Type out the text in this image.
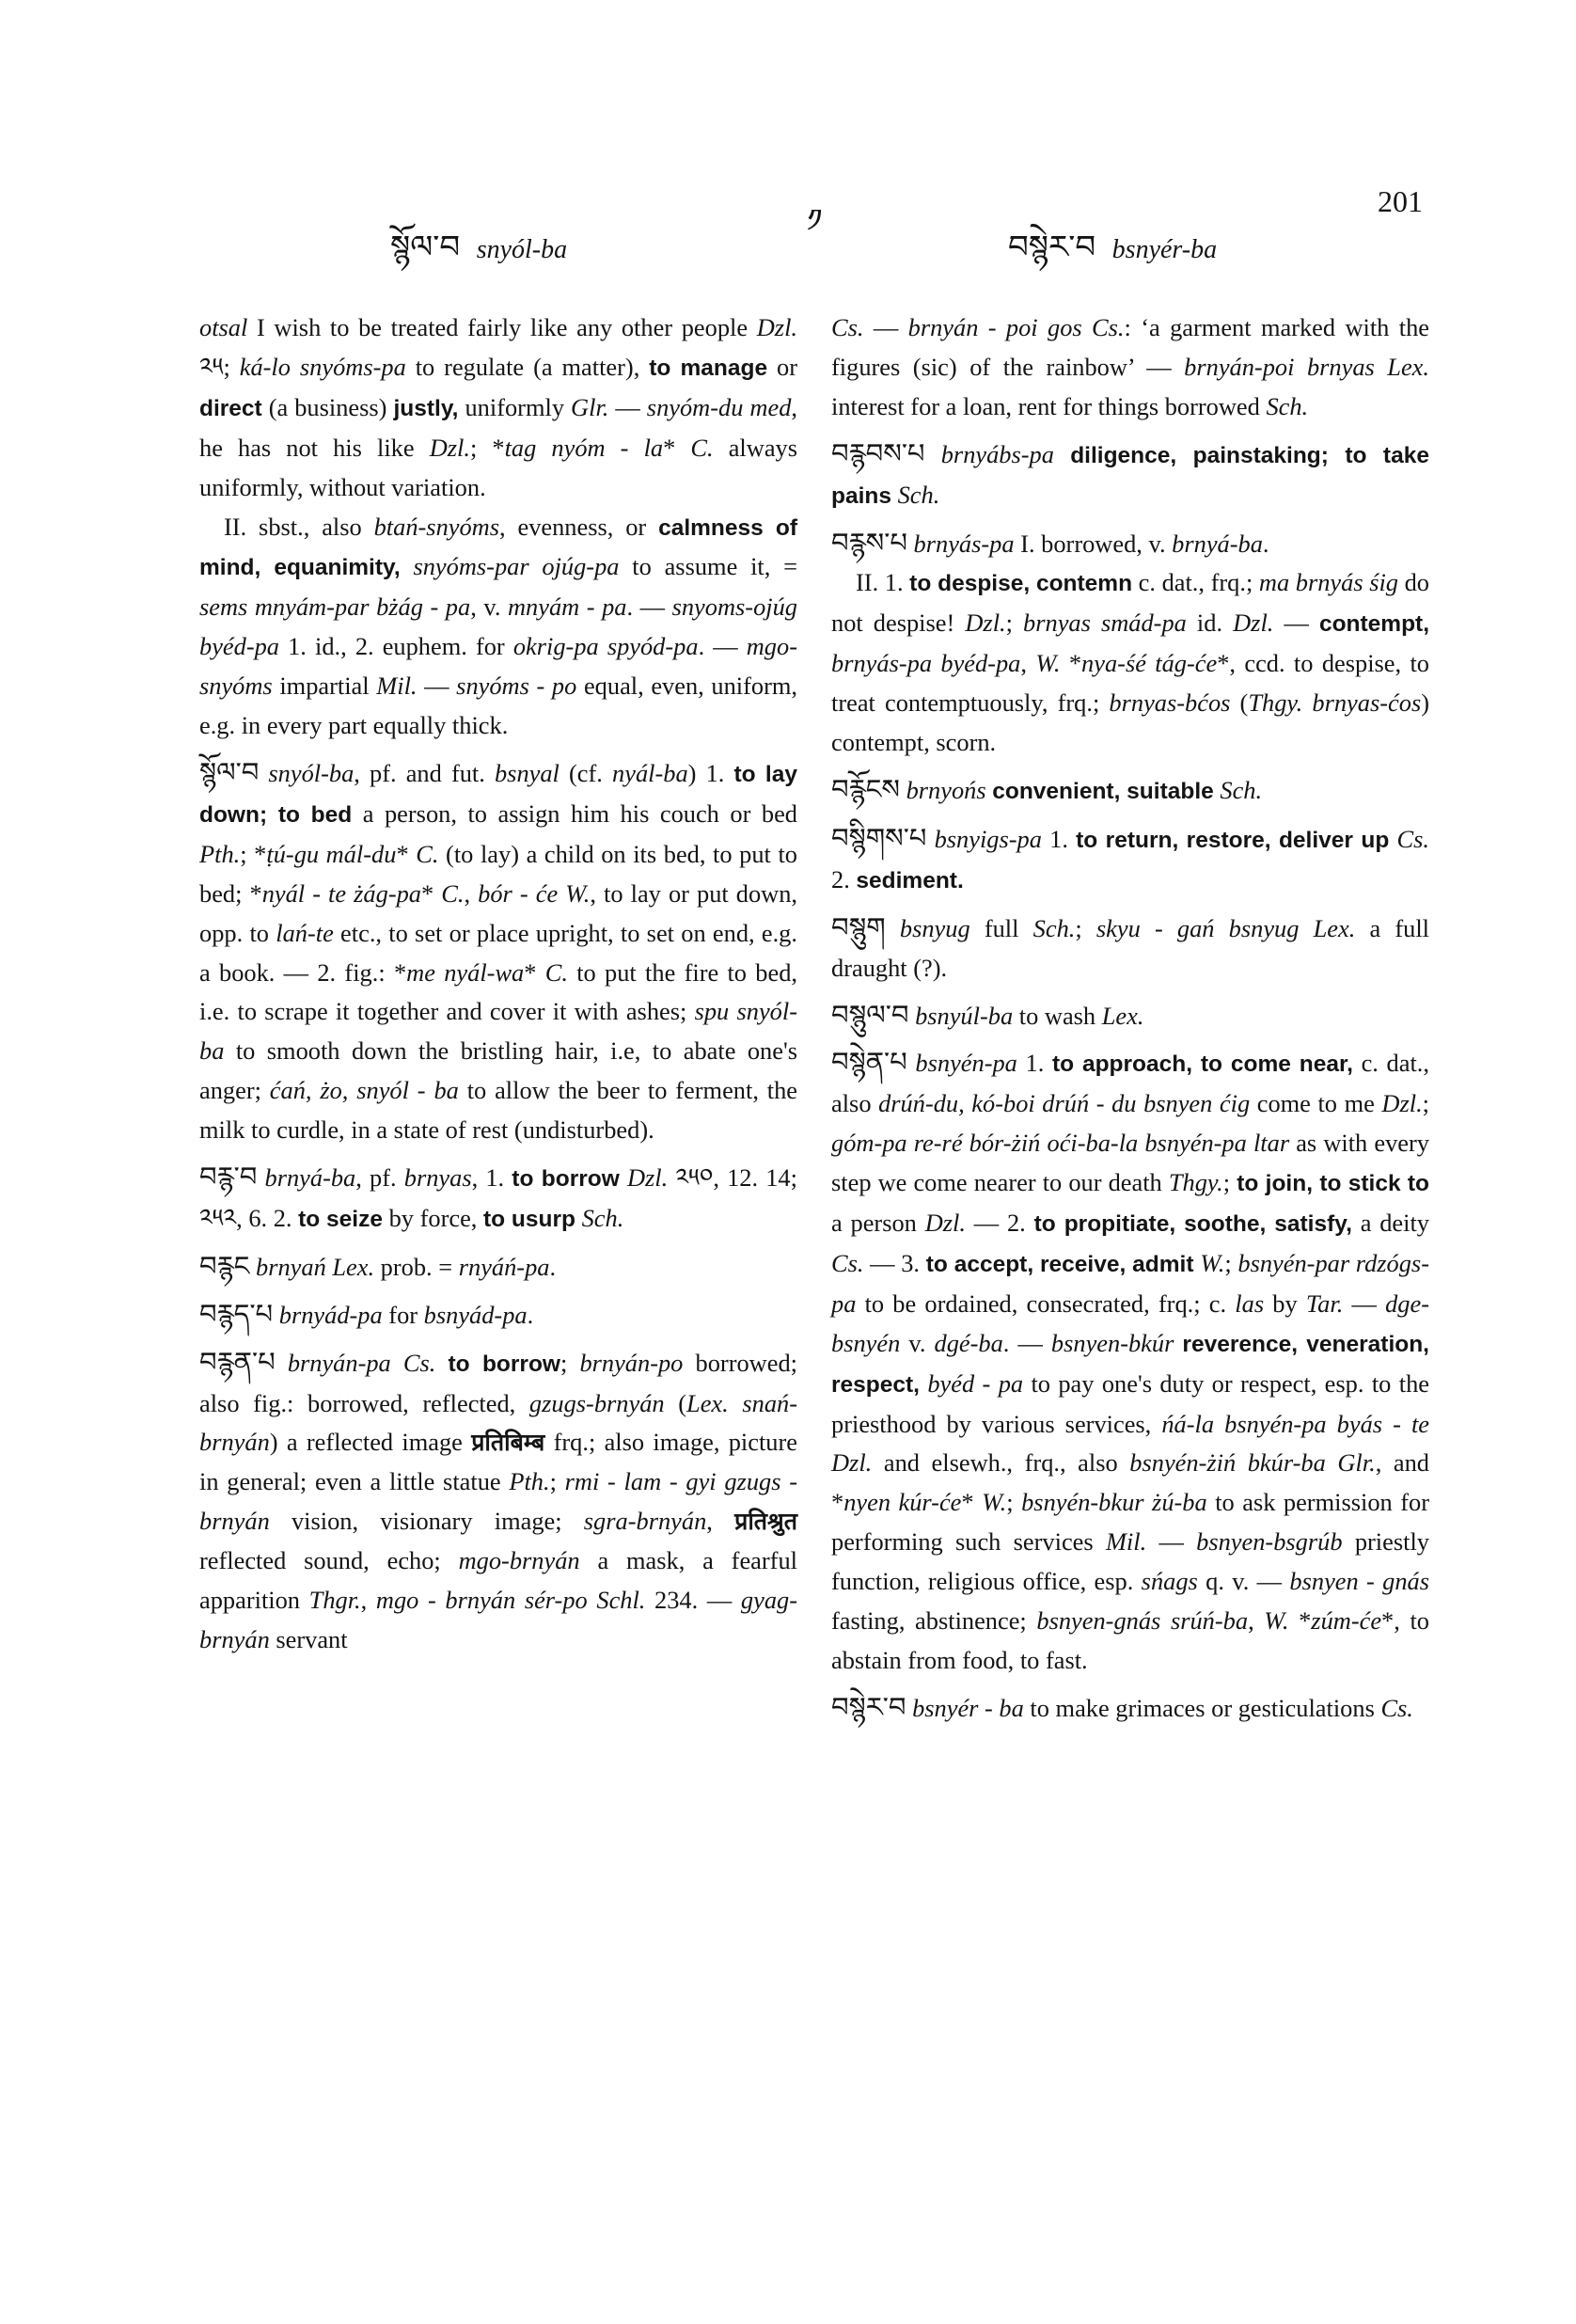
སྙོལ་བ snyól-ba
༡
བསྙེར་བ bsnyér-ba
201

otsal I wish to be treated fairly like any other people Dzl. ༢༥; ká-lo snyóms-pa to regulate (a matter), to manage or direct (a business) justly, uniformly Glr. — snyóm-du med, he has not his like Dzl.; *tag nyóm - la* C. always uniformly, without variation.

II. sbst., also btań-snyóms, evenness, or calmness of mind, equanimity, snyóms-par ojúg-pa to assume it, = sems mnyám-par bżág - pa, v. mnyám - pa. — snyoms-ojúg byéd-pa 1. id., 2. euphem. for okrig-pa spyód-pa. — mgo-snyóms impartial Mil. — snyóms - po equal, even, uniform, e.g. in every part equally thick.

སྙོལ་བ snyól-ba, pf. and fut. bsnyal (cf. nyál-ba) 1. to lay down; to bed a person, to assign him his couch or bed Pth.; *ṭú-gu mál-du* C. (to lay) a child on its bed, to put to bed; *nyál - te żág-pa* C., bór - će W., to lay or put down, opp. to lań-te etc., to set or place upright, to set on end, e.g. a book. — 2. fig.: *me nyál-wa* C. to put the fire to bed, i.e. to scrape it together and cover it with ashes; spu snyól-ba to smooth down the bristling hair, i.e, to abate one's anger; ćań, żo, snyól - ba to allow the beer to ferment, the milk to curdle, in a state of rest (undisturbed).

བརྙ་བ brnyá-ba, pf. brnyas, 1. to borrow Dzl. ༢༥༠, 12. 14; ༢༥༢, 6. 2. to seize by force, to usurp Sch.

བརྙང brnyań Lex. prob. = rnyáń-pa.

བརྙད་པ brnyád-pa for bsnyád-pa.

བརྙན་པ brnyán-pa Cs. to borrow; brnyán-po borrowed; also fig.: borrowed, reflected, gzugs-brnyán (Lex. snań-brnyán) a reflected image प्रतिबिम्ब frq.; also image, picture in general; even a little statue Pth.; rmi - lam - gyi gzugs - brnyán vision, visionary image; sgra-brnyán, प्रतिश्रुत reflected sound, echo; mgo-brnyán a mask, a fearful apparition Thgr., mgo - brnyán sér-po Schl. 234. — gyag-brnyán servant

Cs. — brnyán - poi gos Cs.: ‘a garment marked with the figures (sic) of the rainbow’ — brnyán-poi brnyas Lex. interest for a loan, rent for things borrowed Sch.

བརྙབས་པ brnyábs-pa diligence, painstaking; to take pains Sch.

བརྙས་པ brnyás-pa I. borrowed, v. brnyá-ba.

II. 1. to despise, contemn c. dat., frq.; ma brnyás śig do not despise! Dzl.; brnyas smád-pa id. Dzl. — contempt, brnyás-pa byéd-pa, W. *nya-śé tág-će*, ccd. to despise, to treat contemptuously, frq.; brnyas-bćos (Thgy. brnyas-ćos) contempt, scorn.

བརྙོངས brnyońs convenient, suitable Sch.

བསྙིགས་པ bsnyigs-pa 1. to return, restore, deliver up Cs. 2. sediment.

བསྙུག bsnyug full Sch.; skyu - gań bsnyug Lex. a full draught (?).

བསྙུལ་བ bsnyúl-ba to wash Lex.

བསྙེན་པ bsnyén-pa 1. to approach, to come near, c. dat., also drúń-du, kó-boi drúń - du bsnyen ćig come to me Dzl.; góm-pa re-ré bór-żiń oći-ba-la bsnyén-pa ltar as with every step we come nearer to our death Thgy.; to join, to stick to a person Dzl. — 2. to propitiate, soothe, satisfy, a deity Cs. — 3. to accept, receive, admit W.; bsnyén-par rdzógs-pa to be ordained, consecrated, frq.; c. las by Tar. — dge-bsnyén v. dgé-ba. — bsnyen-bkúr reverence, veneration, respect, byéd - pa to pay one's duty or respect, esp. to the priesthood by various services, ńá-la bsnyén-pa byás - te Dzl. and elsewh., frq., also bsnyén-żiń bkúr-ba Glr., and *nyen kúr-će* W.; bsnyén-bkur żú-ba to ask permission for performing such services Mil. — bsnyen-bsgrúb priestly function, religious office, esp. sńags q. v. — bsnyen - gnás fasting, abstinence; bsnyen-gnás srúń-ba, W. *zúm-će*, to abstain from food, to fast.

བསྙེར་བ bsnyér - ba to make grimaces or gesticulations Cs.
